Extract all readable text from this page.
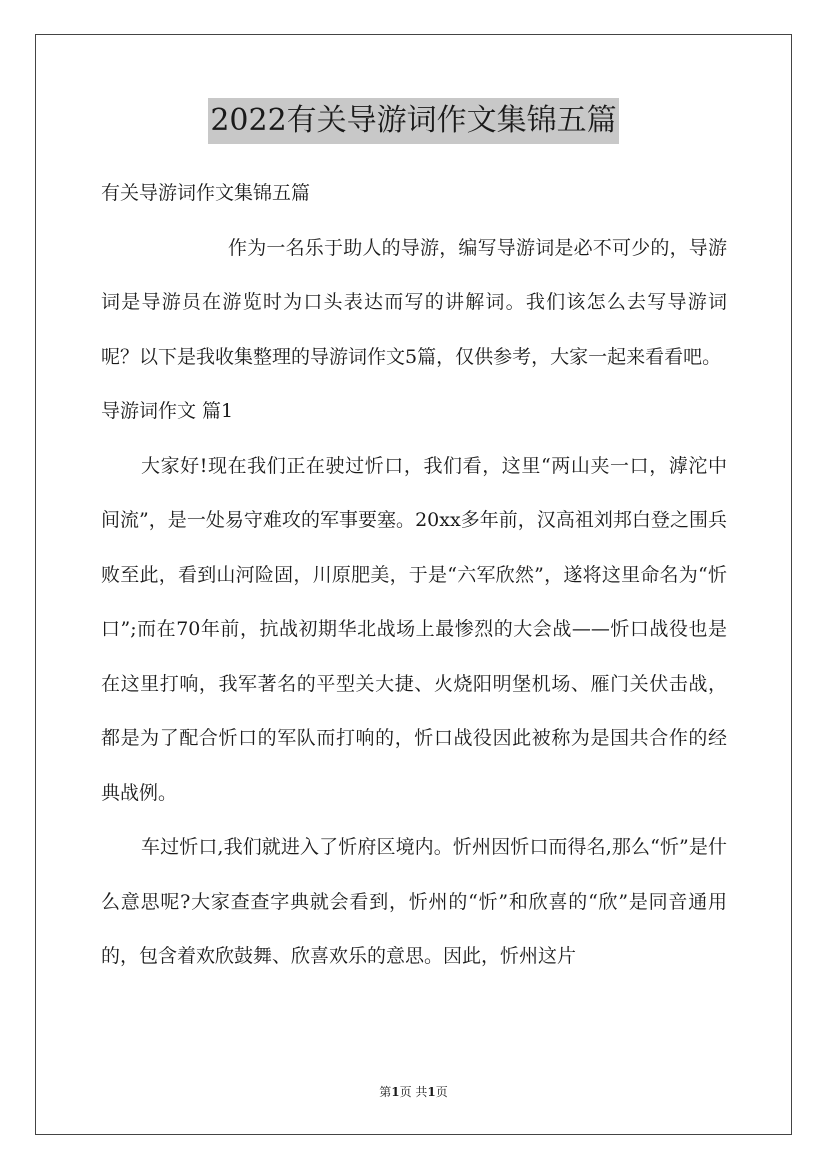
2022有关导游词作文集锦五篇

有关导游词作文集锦五篇

作为一名乐于助人的导游，编写导游词是必不可少的，导游词是导游员在游览时为口头表达而写的讲解词。我们该怎么去写导游词呢？以下是我收集整理的导游词作文5篇，仅供参考，大家一起来看看吧。

导游词作文 篇1

大家好!现在我们正在驶过忻口，我们看，这里“两山夹一口，滹沱中间流”，是一处易守难攻的军事要塞。20xx多年前，汉高祖刘邦白登之围兵败至此，看到山河险固，川原肥美，于是“六军欣然”，遂将这里命名为“忻口”;而在70年前，抗战初期华北战场上最惨烈的大会战——忻口战役也是在这里打响，我军著名的平型关大捷、火烧阳明堡机场、雁门关伏击战，都是为了配合忻口的军队而打响的，忻口战役因此被称为是国共合作的经典战例。

车过忻口,我们就进入了忻府区境内。忻州因忻口而得名,那么“忻”是什么意思呢?大家查查字典就会看到，忻州的“忻”和欣喜的“欣”是同音通用的，包含着欢欣鼓舞、欣喜欢乐的意思。因此，忻州这片

第1页 共1页
